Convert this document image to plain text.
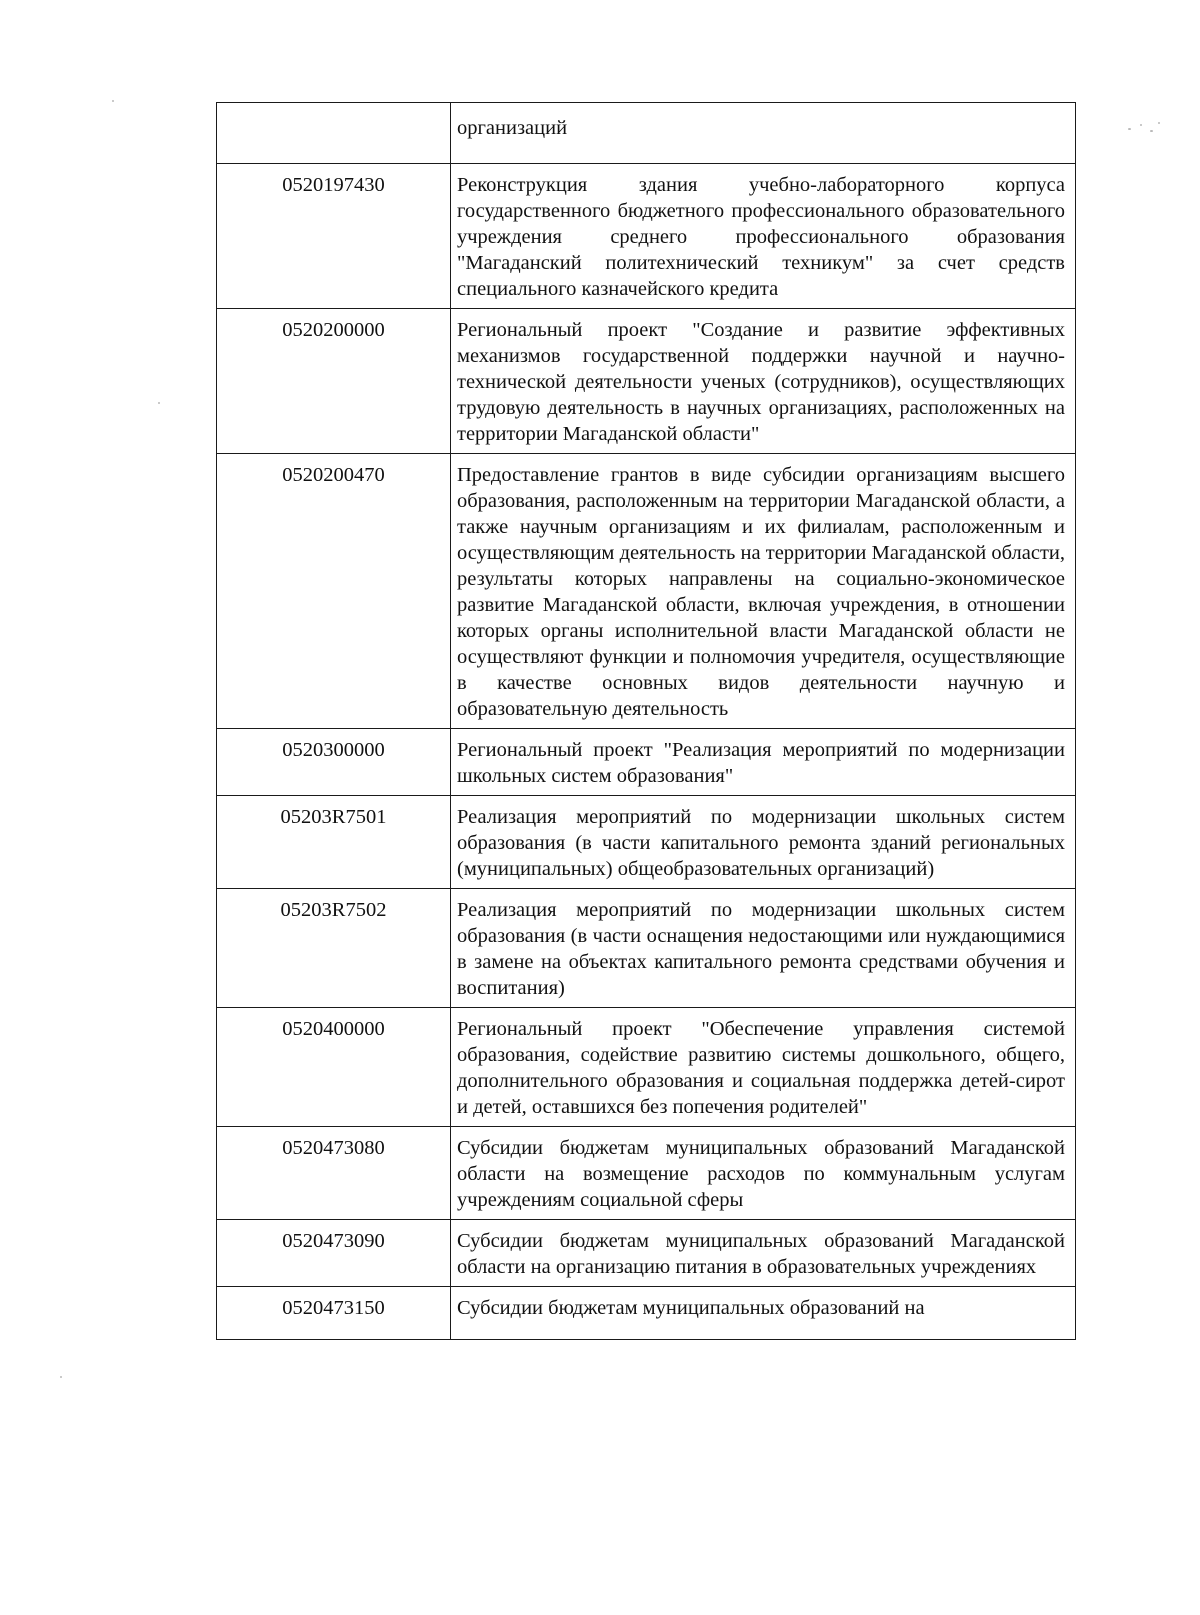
	организаций
0520197430	Реконструкция здания учебно-лабораторного корпуса государственного бюджетного профессионального образовательного учреждения среднего профессионального образования "Магаданский политехнический техникум" за счет средств специального казначейского кредита
0520200000	Региональный проект "Создание и развитие эффективных механизмов государственной поддержки научной и научно-технической деятельности ученых (сотрудников), осуществляющих трудовую деятельность в научных организациях, расположенных на территории Магаданской области"
0520200470	Предоставление грантов в виде субсидии организациям высшего образования, расположенным на территории Магаданской области, а также научным организациям и их филиалам, расположенным и осуществляющим деятельность на территории Магаданской области, результаты которых направлены на социально-экономическое развитие Магаданской области, включая учреждения, в отношении которых органы исполнительной власти Магаданской области не осуществляют функции и полномочия учредителя, осуществляющие в качестве основных видов деятельности научную и образовательную деятельность
0520300000	Региональный проект "Реализация мероприятий по модернизации школьных систем образования"
05203R7501	Реализация мероприятий по модернизации школьных систем образования (в части капитального ремонта зданий региональных (муниципальных) общеобразовательных организаций)
05203R7502	Реализация мероприятий по модернизации школьных систем образования (в части оснащения недостающими или нуждающимися в замене на объектах капитального ремонта средствами обучения и воспитания)
0520400000	Региональный проект "Обеспечение управления системой образования, содействие развитию системы дошкольного, общего, дополнительного образования и социальная поддержка детей-сирот и детей, оставшихся без попечения родителей"
0520473080	Субсидии бюджетам муниципальных образований Магаданской области на возмещение расходов по коммунальным услугам учреждениям социальной сферы
0520473090	Субсидии бюджетам муниципальных образований Магаданской области на организацию питания в образовательных учреждениях
0520473150	Субсидии бюджетам муниципальных образований на
